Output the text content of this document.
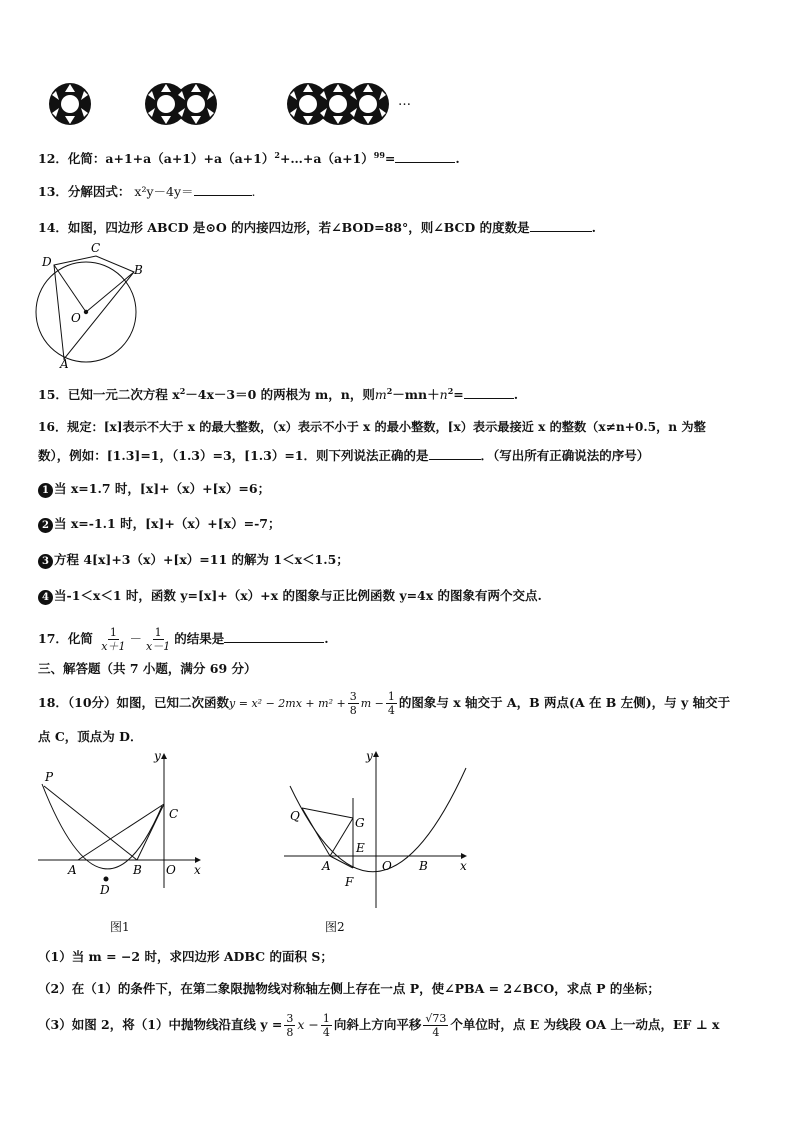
…
12．化简：$a+1+a(a+1)+a(a+1)^2+\dots+a(a+1)^{99}=$	.
13．分解因式： x²y－4y＝	.
14．如图，四边形 ABCD 是⊙O 的内接四边形，若∠BOD=88°，则∠BCD 的度数是	.
D
C
B
O
A
15．已知一元二次方程 $x^2-4x-3=0$ 的两根为 m，n，则$m^2-mn+n^2=$	.
16．规定：[x]表示不大于 x 的最大整数，（x）表示不小于 x 的最小整数，[x）表示最接近 x 的整数（x≠n+0.5，n 为整
数），例如：[1.3]=1，（1.3）=3，[1.3）=1．则下列说法正确的是	．（写出所有正确说法的序号）
1 当 x=1.7 时，[x]+（x）+[x）=6；
2 当 x=-1.1 时，[x]+（x）+[x）=-7；
3 方程 4[x]+3（x）+[x）=11 的解为 1＜x＜1.5；
4 当-1＜x＜1 时，函数 y=[x]+（x）+x 的图象与正比例函数 y=4x 的图象有两个交点.
17．化简 $\frac{1}{x+1} - \frac{1}{x-1}$ 的结果是	.
三、解答题（共 7 小题，满分 69 分）
18．（10分）如图，已知二次函数$y = x^2 - 2mx + m^2 + \frac{3}{8}$ $m - \frac{1}{4}$ 的图象与 x 轴交于 A，B 两点(A 在 B 左侧)，与 y 轴交于
点 C，顶点为 D．
P
y
C
A	B O x
D
图1
y
Q	G
E
A	O B	x
F
图2
（1）当 m = −2 时，求四边形 ADBC 的面积 S；
（2）在（1）的条件下，在第二象限抛物线对称轴左侧上存在一点 P，使∠PBA = 2∠BCO，求点 P 的坐标；
（3）如图 2，将（1）中抛物线沿直线 $y = \frac{3}{8}$ $x - \frac{1}{4}$ 向斜上方向平移 $\frac{√73}{4}$ 个单位时，点 E 为线段 OA 上一动点，EF ⊥ x
